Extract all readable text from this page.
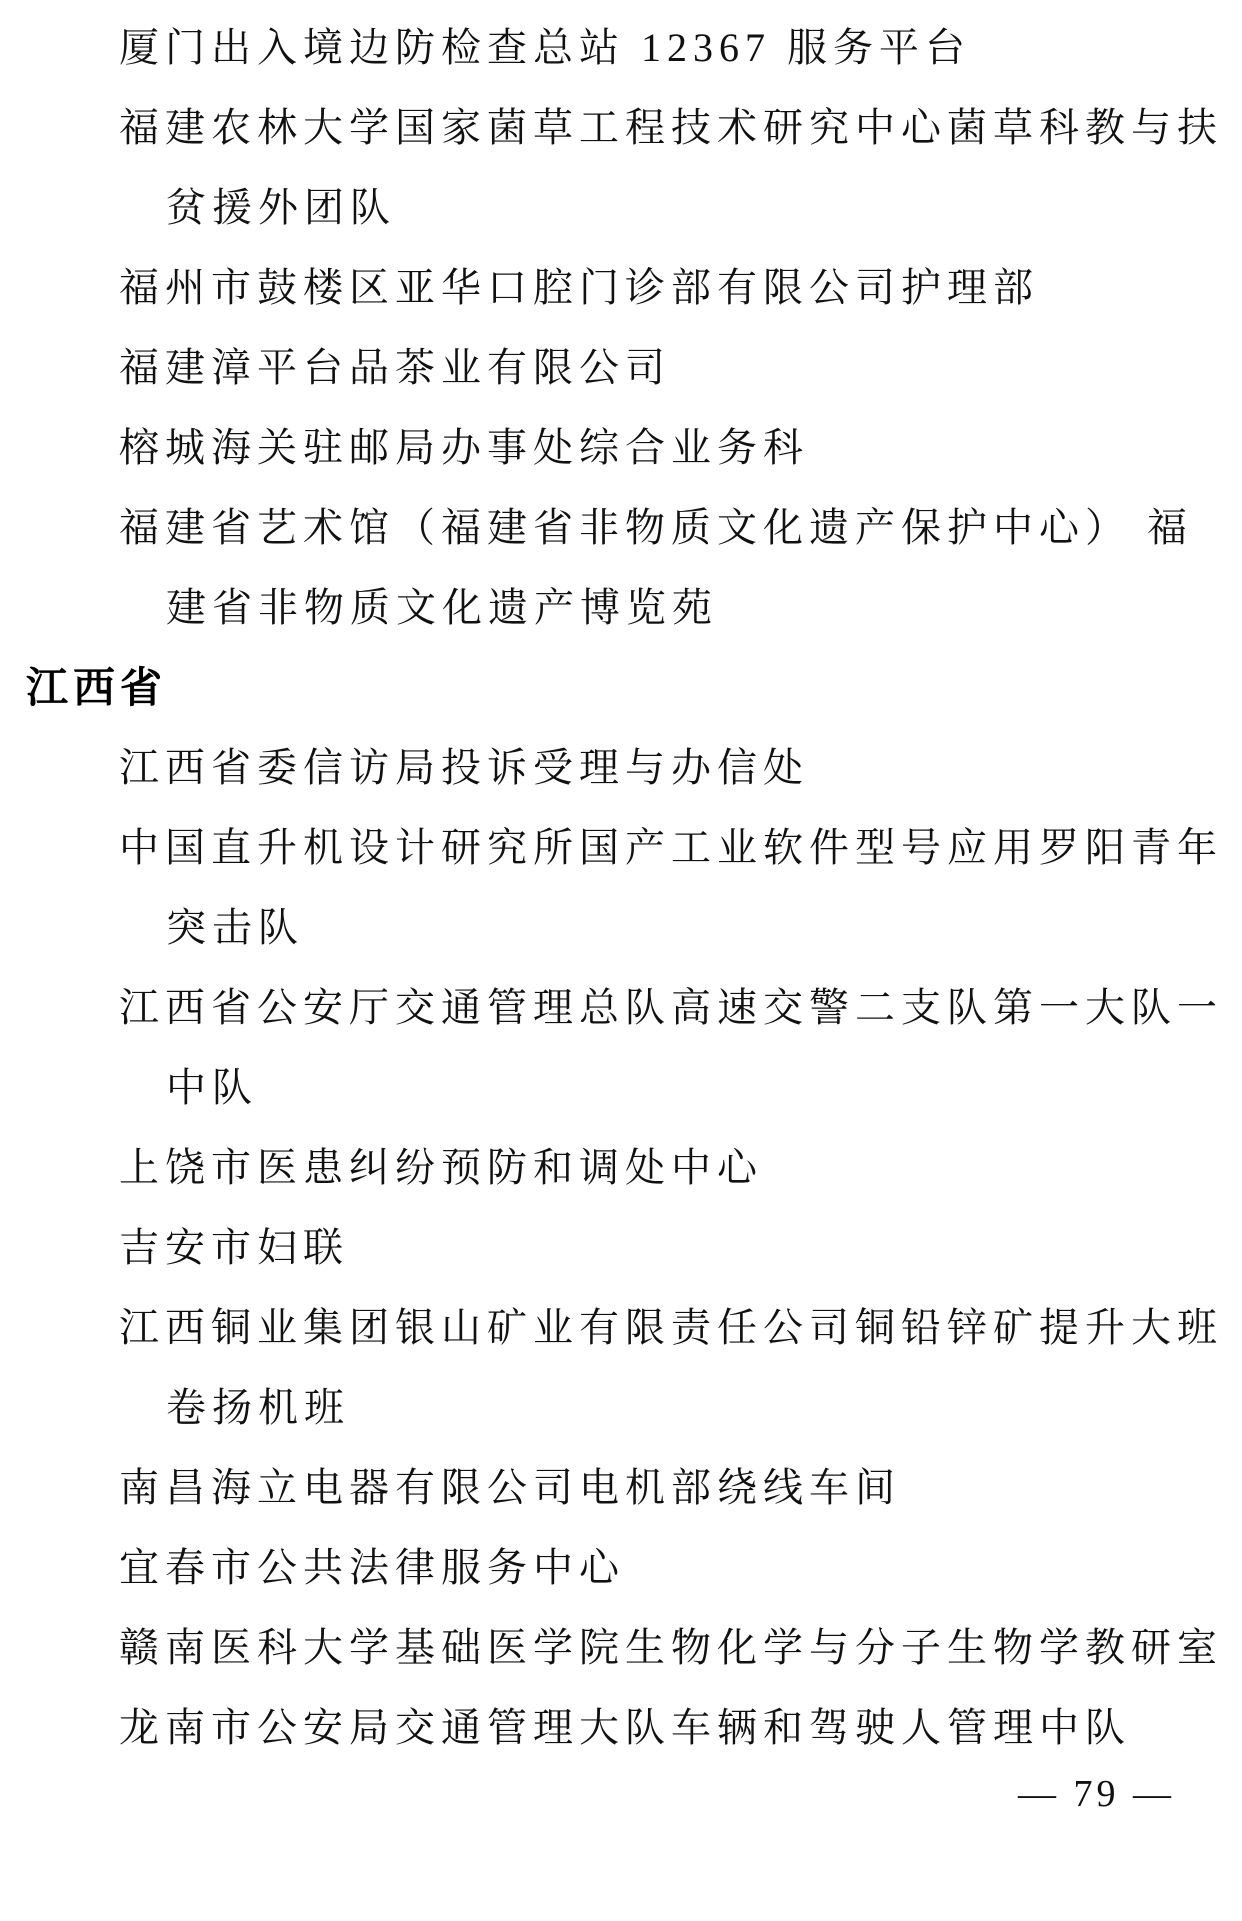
厦门出入境边防检查总站 12367 服务平台
福建农林大学国家菌草工程技术研究中心菌草科教与扶
贫援外团队
福州市鼓楼区亚华口腔门诊部有限公司护理部
福建漳平台品茶业有限公司
榕城海关驻邮局办事处综合业务科
福建省艺术馆（福建省非物质文化遗产保护中心） 福
建省非物质文化遗产博览苑
江西省
江西省委信访局投诉受理与办信处
中国直升机设计研究所国产工业软件型号应用罗阳青年
突击队
江西省公安厅交通管理总队高速交警二支队第一大队一
中队
上饶市医患纠纷预防和调处中心
吉安市妇联
江西铜业集团银山矿业有限责任公司铜铅锌矿提升大班
卷扬机班
南昌海立电器有限公司电机部绕线车间
宜春市公共法律服务中心
赣南医科大学基础医学院生物化学与分子生物学教研室
龙南市公安局交通管理大队车辆和驾驶人管理中队
— 79 —
